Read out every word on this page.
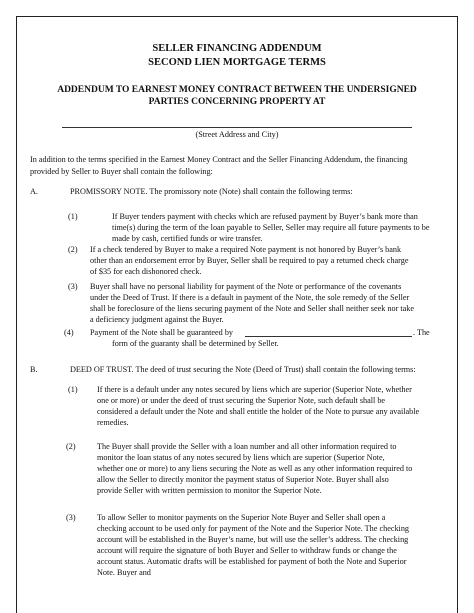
SELLER FINANCING ADDENDUM
SECOND LIEN MORTGAGE TERMS
ADDENDUM TO EARNEST MONEY CONTRACT BETWEEN THE UNDERSIGNED
PARTIES CONCERNING PROPERTY AT
(Street Address and City)
In addition to the terms specified in the Earnest Money Contract and the Seller Financing Addendum, the financing
provided by Seller to Buyer shall contain the following:
A.	PROMISSORY NOTE. The promissory note (Note) shall contain the following terms:
(1)	If Buyer tenders payment with checks which are refused payment by Buyer’s bank more than
time(s) during the term of the loan payable to Seller, Seller may require all future payments to be
made by cash, certified funds or wire transfer.
(2) If a check tendered by Buyer to make a required Note payment is not honored by Buyer’s bank
other than an endorsement error by Buyer, Seller shall be required to pay a returned check charge
of $35 for each dishonored check.
(3) Buyer shall have no personal liability for payment of the Note or performance of the covenants
under the Deed of Trust. If there is a default in payment of the Note, the sole remedy of the Seller
shall be foreclosure of the liens securing payment of the Note and Seller shall neither seek nor take
a deficiency judgment against the Buyer.
(4) Payment of the Note shall be guaranteed by	. The
form of the guaranty shall be determined by Seller.
B.	DEED OF TRUST. The deed of trust securing the Note (Deed of Trust) shall contain the following terms:
(1) If there is a default under any notes secured by liens which are superior (Superior Note, whether
one or more) or under the deed of trust securing the Superior Note, such default shall be
considered a default under the Note and shall entitle the holder of the Note to pursue any available
remedies.
(2)	The Buyer shall provide the Seller with a loan number and all other information required to
monitor the loan status of any notes secured by liens which are superior (Superior Note,
whether one or more) to any liens securing the Note as well as any other information required to
allow the Seller to directly monitor the payment status of Superior Note. Buyer shall also
provide Seller with written permission to monitor the Superior Note.
(3)	To allow Seller to monitor payments on the Superior Note Buyer and Seller shall open a
checking account to be used only for payment of the Note and the Superior Note. The checking
account will be established in the Buyer’s name, but will use the seller’s address. The checking
account will require the signature of both Buyer and Seller to withdraw funds or change the
account status. Automatic drafts will be established for payment of both the Note and Superior
Note. Buyer and
